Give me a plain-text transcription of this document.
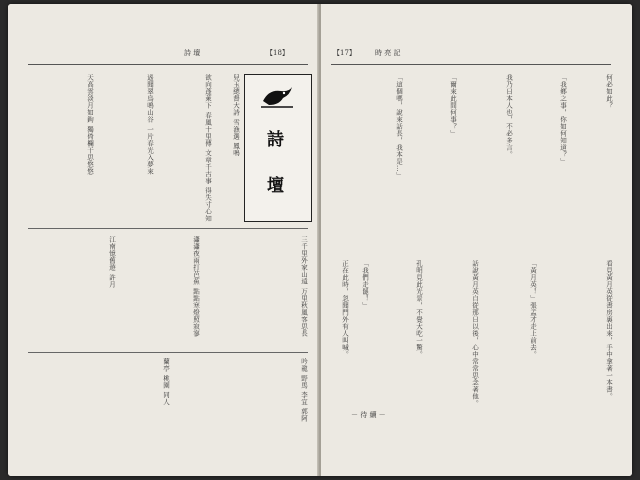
詩 壇	【18】
詩
壇
兒玉總督大詩 雪漁選 鳳鳴
欲向蓬萊下 春風十里傳 文章千古事 得失寸心知
遙聞翠鳥鳴山谷 一片春光入夢來
天高雲淡月如鉤 獨倚欄干思悠悠
三千里外家山遠 万里秋風客思長
瀟瀟夜雨打芭蕉 點點寒燈照寂寥
江南憶舊遊 許月
吟龍 野馬 李宜 郭阿
蘭亭 桃園 同人
【17】	時 亮 記
何必如此？
「我鄉之事，你如何知道？」
我乃日本人也，不必多言。
「爾來此間何事？」
「這個嗎，說來話長，我本是…」
看見黃月英從書房裏出來，手中拿著一本書。
「黃月英！」張孟才走上前去。
話說黃月英自從那日以後，心中常常思念著他。
孔明見此光景，不覺大吃一驚。
「我們走罷！」
正在此時，忽聞門外有人叫喊。
－ 待 續 －
